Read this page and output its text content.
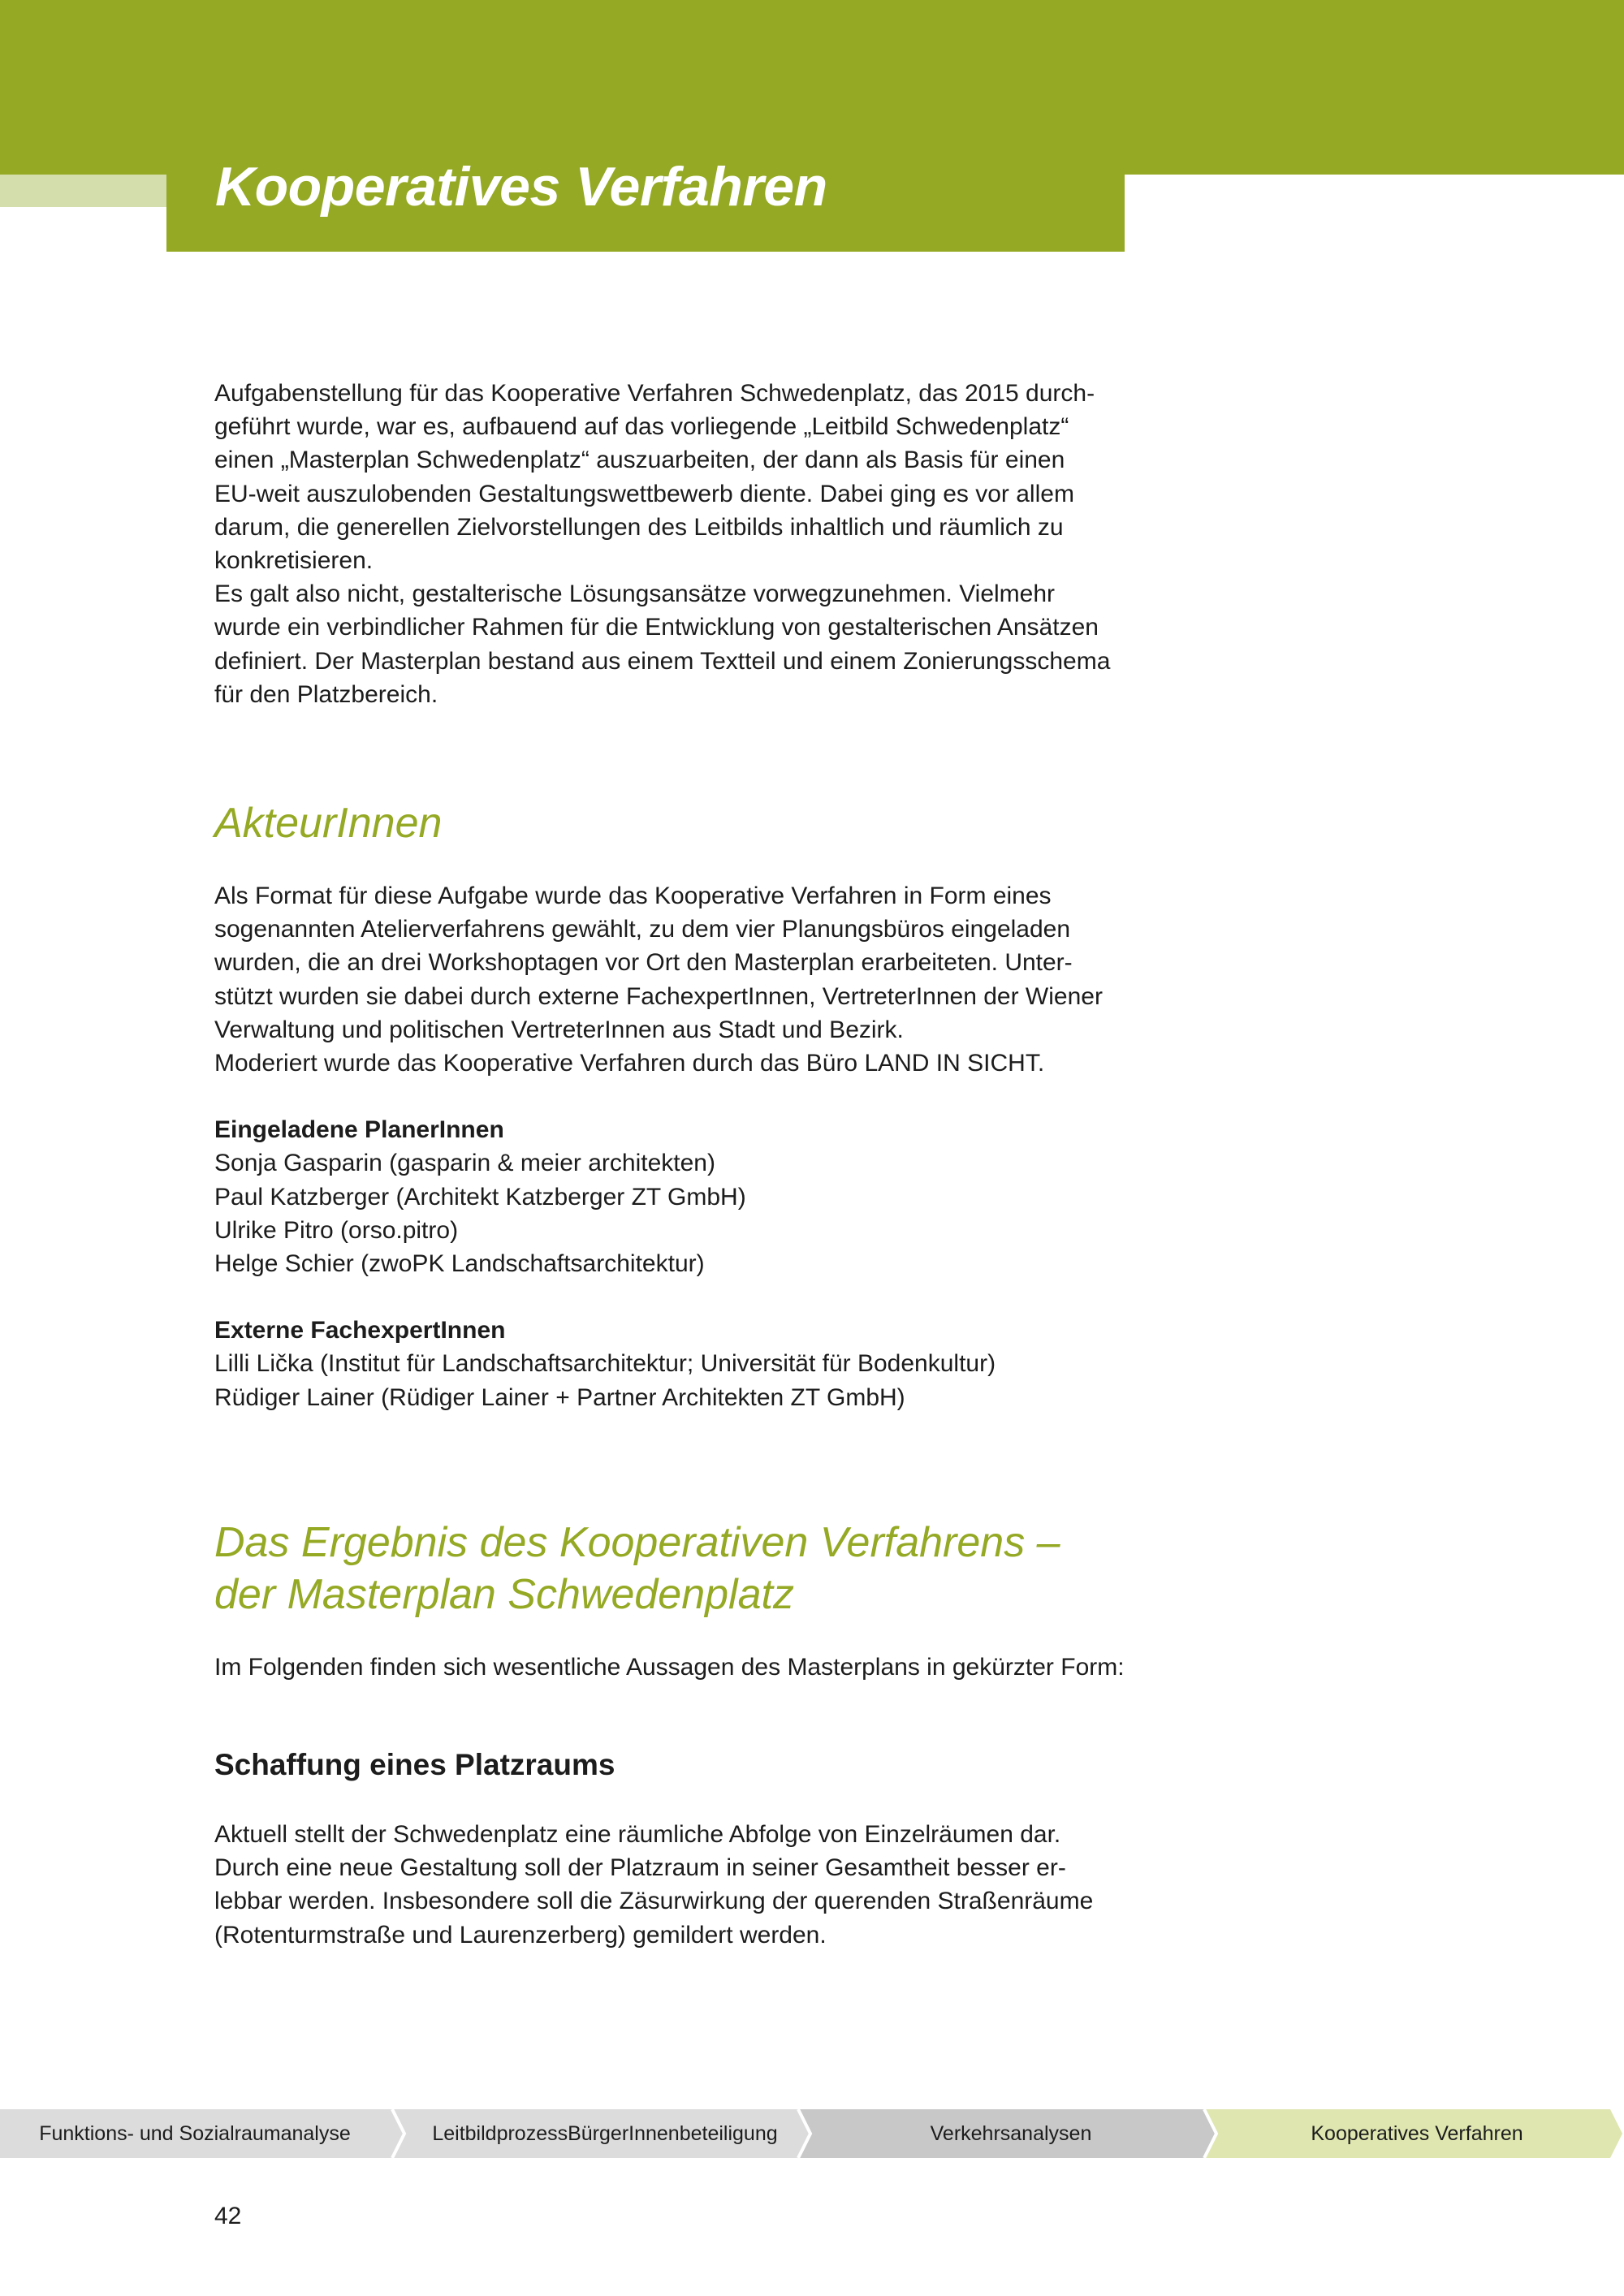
Kooperatives Verfahren

Aufgabenstellung für das Kooperative Verfahren Schwedenplatz, das 2015 durch-
geführt wurde, war es, aufbauend auf das vorliegende „Leitbild Schwedenplatz“
einen „Masterplan Schwedenplatz“ auszuarbeiten, der dann als Basis für einen
EU-weit auszulobenden Gestaltungswettbewerb diente. Dabei ging es vor allem
darum, die generellen Zielvorstellungen des Leitbilds inhaltlich und räumlich zu
konkretisieren.

Es galt also nicht, gestalterische Lösungsansätze vorwegzunehmen. Vielmehr
wurde ein verbindlicher Rahmen für die Entwicklung von gestalterischen Ansätzen
definiert. Der Masterplan bestand aus einem Textteil und einem Zonierungsschema
für den Platzbereich.

AkteurInnen

Als Format für diese Aufgabe wurde das Kooperative Verfahren in Form eines
sogenannten Atelierverfahrens gewählt, zu dem vier Planungsbüros eingeladen
wurden, die an drei Workshoptagen vor Ort den Masterplan erarbeiteten. Unter-
stützt wurden sie dabei durch externe FachexpertInnen, VertreterInnen der Wiener
Verwaltung und politischen VertreterInnen aus Stadt und Bezirk.

Moderiert wurde das Kooperative Verfahren durch das Büro LAND IN SICHT.

Eingeladene PlanerInnen

Sonja Gasparin (gasparin & meier architekten)
Paul Katzberger (Architekt Katzberger ZT GmbH)
Ulrike Pitro (orso.pitro)
Helge Schier (zwoPK Landschaftsarchitektur)

Externe FachexpertInnen

Lilli Lička (Institut für Landschaftsarchitektur; Universität für Bodenkultur)
Rüdiger Lainer (Rüdiger Lainer + Partner Architekten ZT GmbH)

Das Ergebnis des Kooperativen Verfahrens –
der Masterplan Schwedenplatz

Im Folgenden finden sich wesentliche Aussagen des Masterplans in gekürzter Form:

Schaffung eines Platzraums

Aktuell stellt der Schwedenplatz eine räumliche Abfolge von Einzelräumen dar.
Durch eine neue Gestaltung soll der Platzraum in seiner Gesamtheit besser er-
lebbar werden. Insbesondere soll die Zäsurwirkung der querenden Straßenräume
(Rotenturmstraße und Laurenzerberg) gemildert werden.

Funktions- und Sozialraumanalyse	LeitbildprozessBürgerInnenbeteiligung	Verkehrsanalysen	Kooperatives Verfahren

42
